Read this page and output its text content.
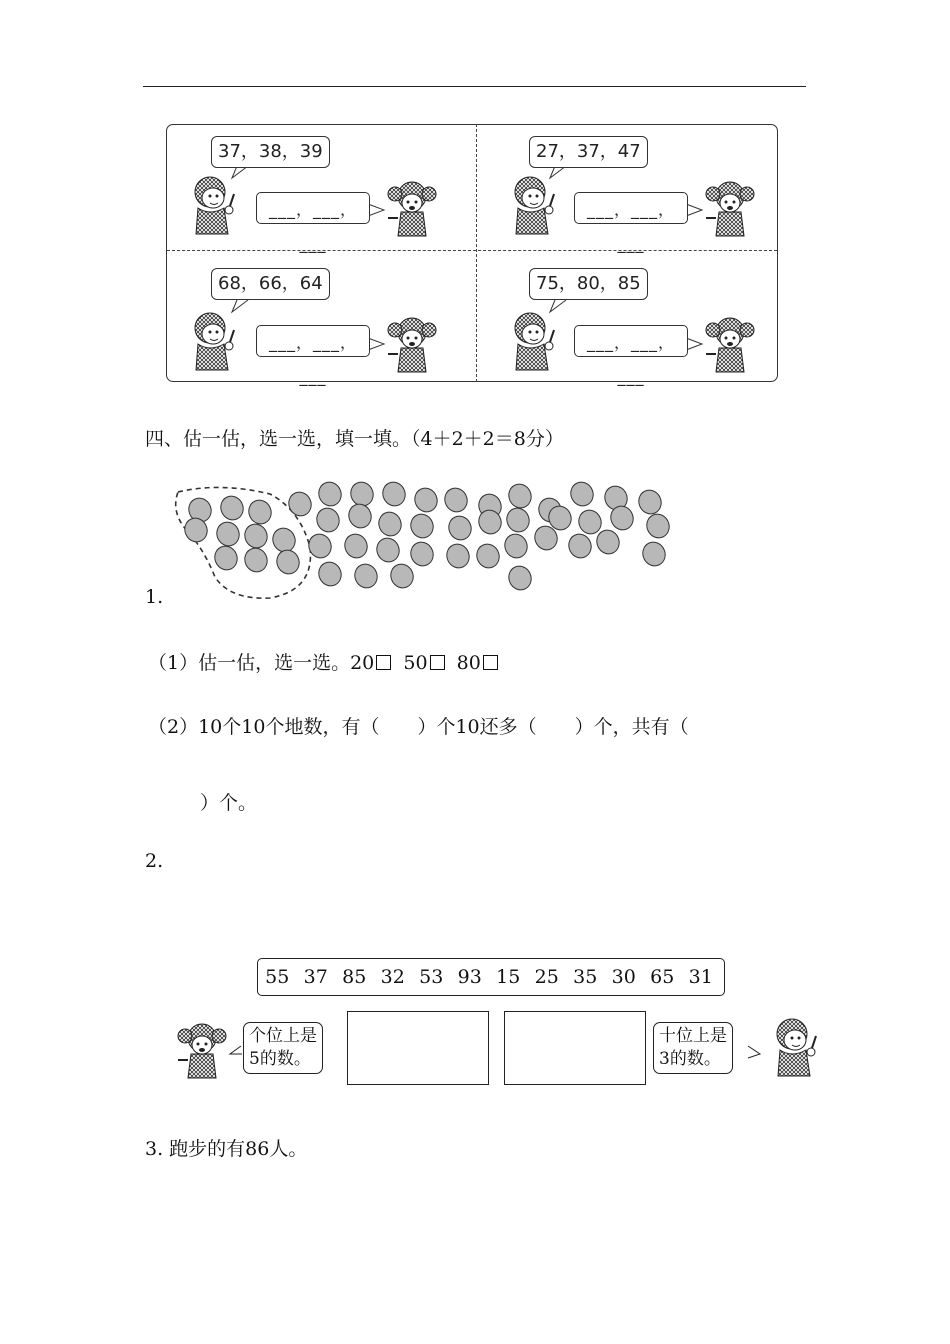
37，38，39	27，37，47
68，66，64	75，80，85
___，___，___
___，___，___
___，___，___
___，___，___
四、估一估，选一选，填一填。（4＋2＋2＝8分）
1.
（1）估一估，选一选。20 50 80
（2）10个10个地数，有（　　）个10还多（　　）个，共有（
）个。
2.
55 37 85 32 53 93 15 25 35 30 65 31
个位上是
5的数。
十位上是
3的数。
3. 跑步的有86人。
